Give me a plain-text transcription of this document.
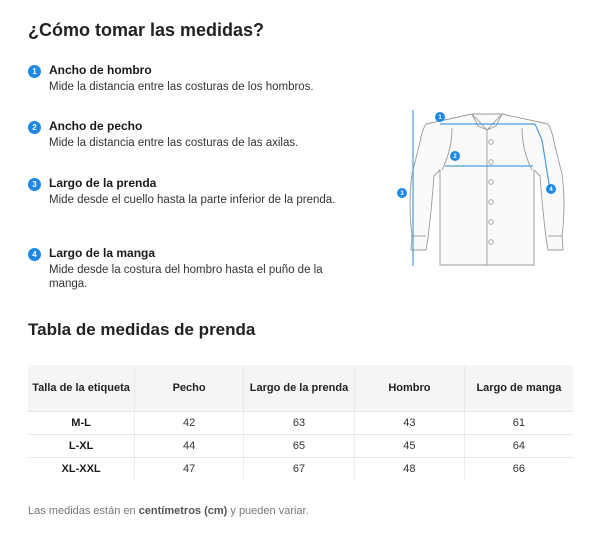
¿Cómo tomar las medidas?
1	Ancho de hombro
Mide la distancia entre las costuras de los hombros.
2	Ancho de pecho
Mide la distancia entre las costuras de las axilas.
3	Largo de la prenda
Mide desde el cuello hasta la parte inferior de la prenda.
4	Largo de la manga
Mide desde la costura del hombro hasta el puño de la manga.
1
2
3
4
Tabla de medidas de prenda
Talla de la etiqueta	Pecho	Largo de la prenda	Hombro	Largo de manga
M-L	42	63	43	61
L-XL	44	65	45	64
XL-XXL	47	67	48	66
Las medidas están en centímetros (cm) y pueden variar.
